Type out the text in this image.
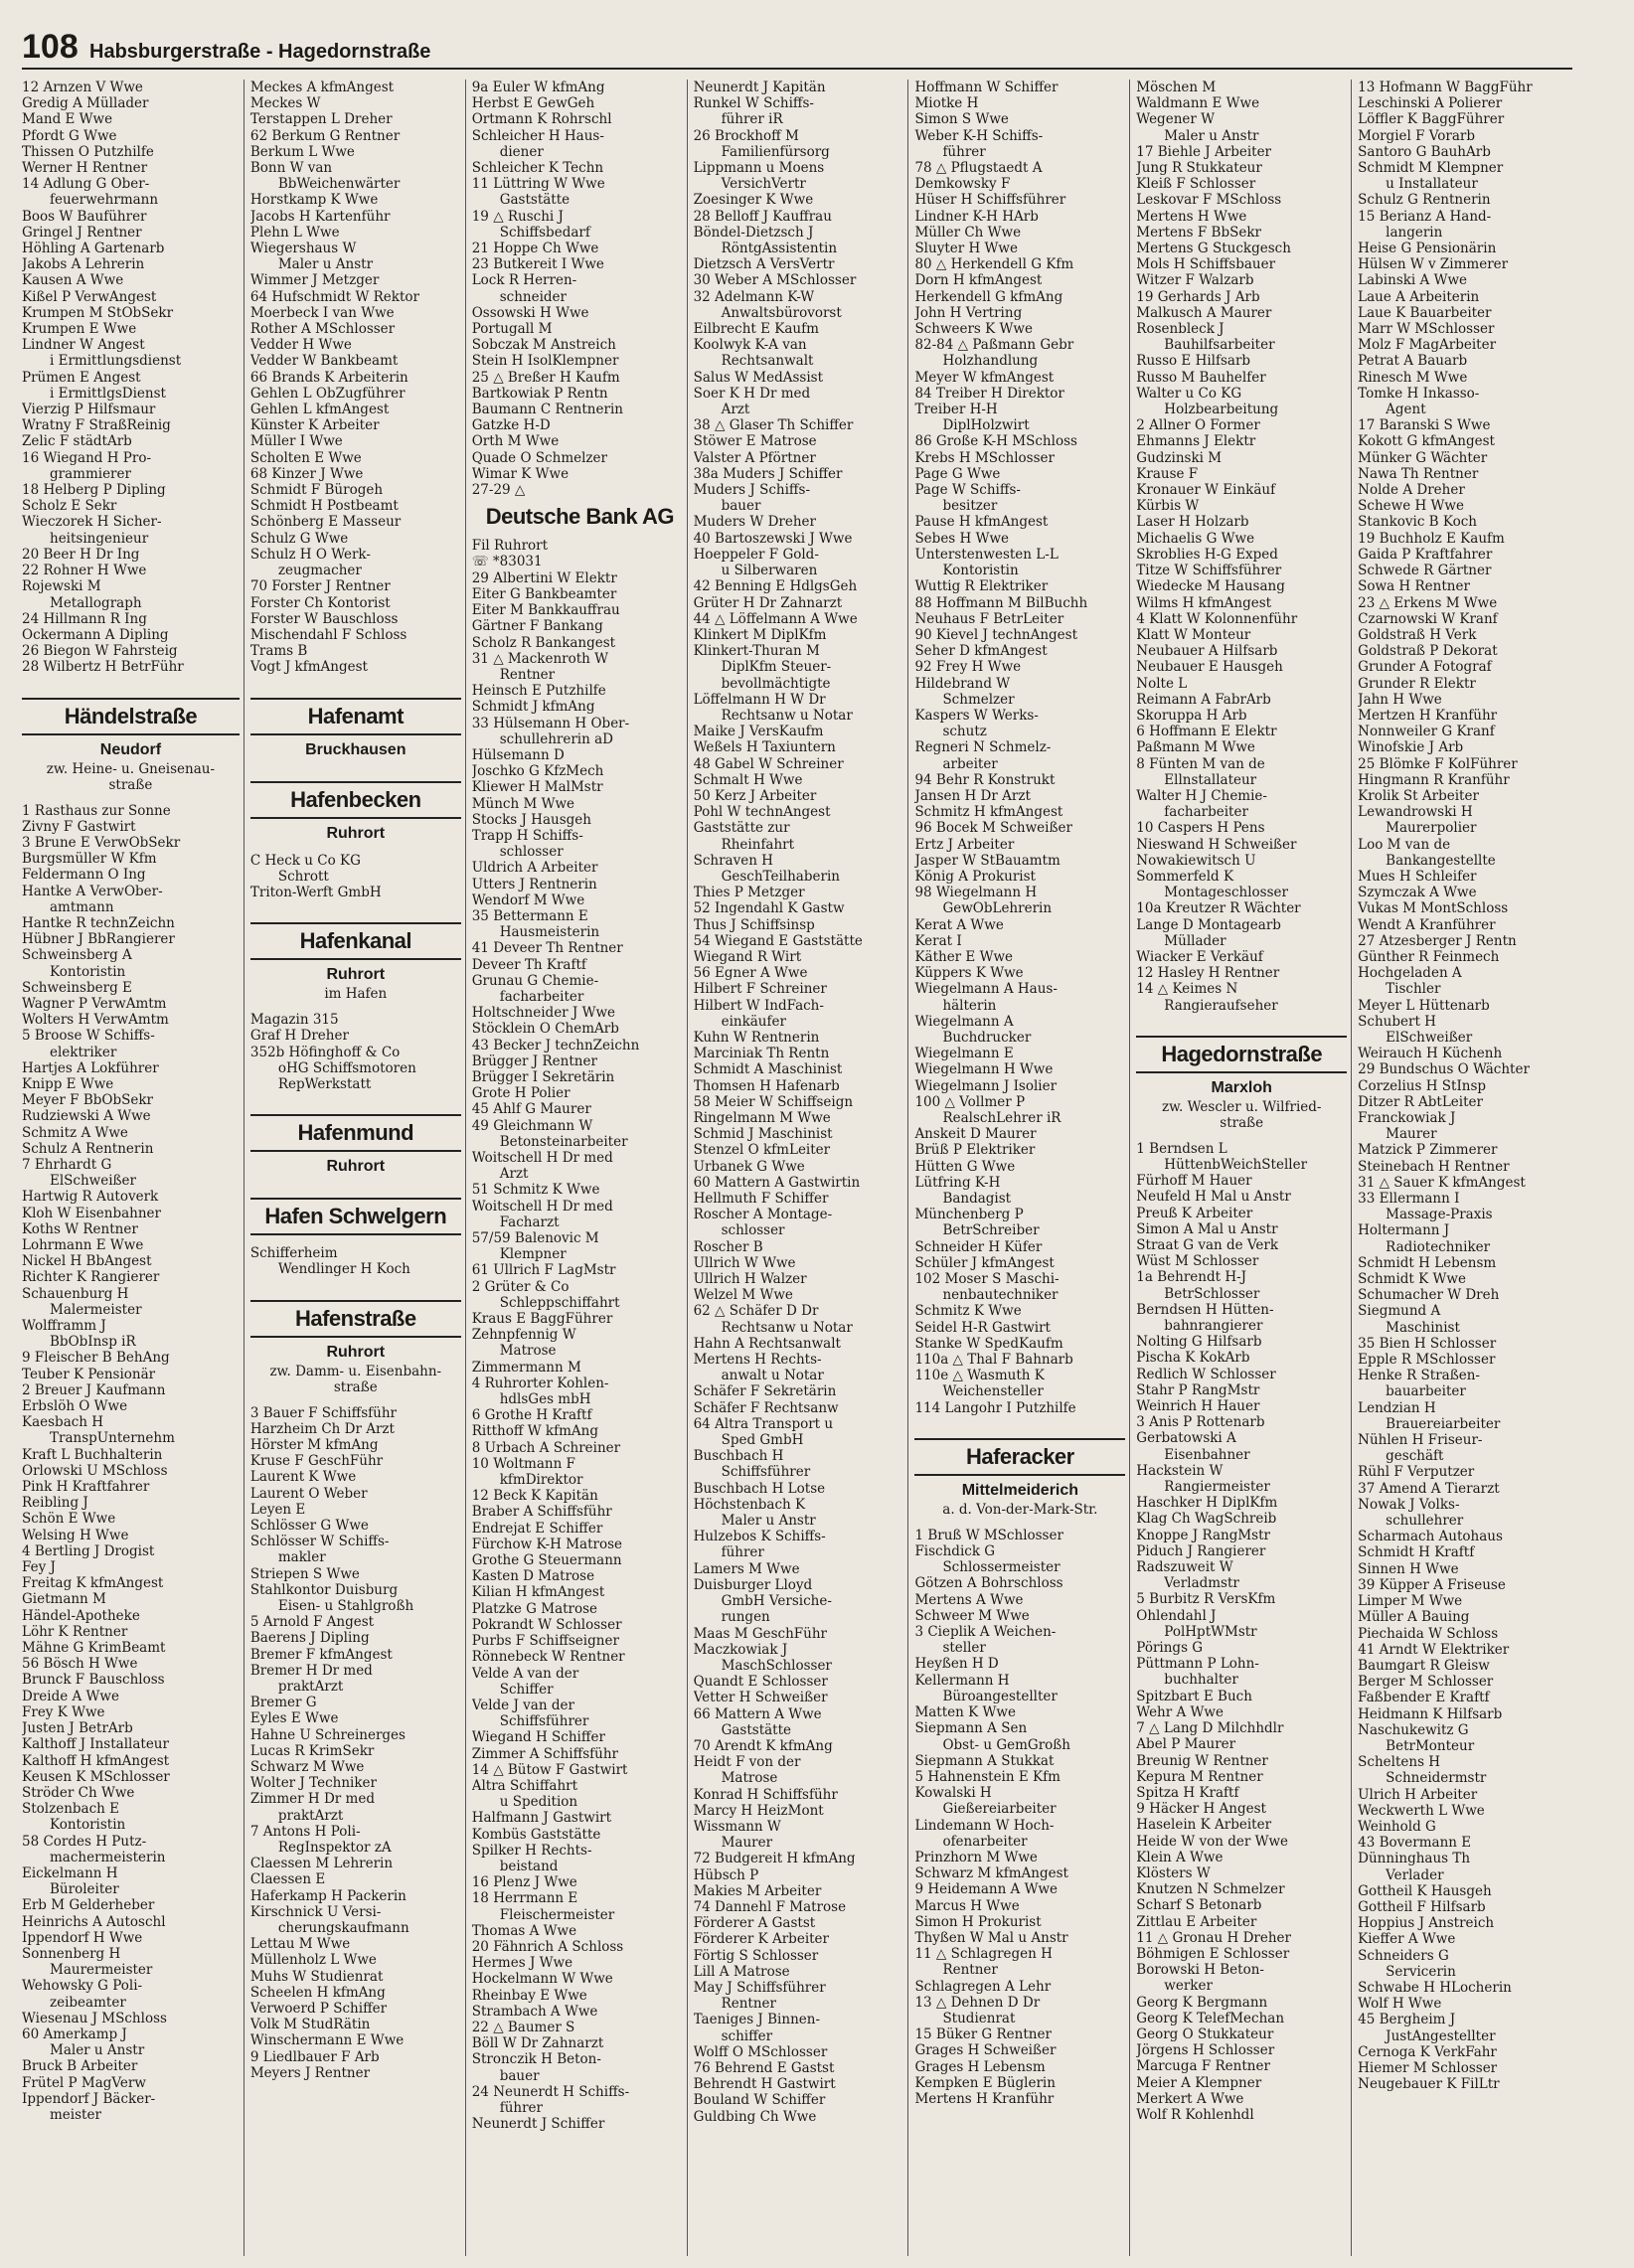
108 Habsburgerstraße - Hagedornstraße
12 Arnzen V Wwe
Gredig A Müllader
Mand E Wwe
Pfordt G Wwe
Thissen O Putzhilfe
Werner H Rentner
14 Adlung G Ober-
feuerwehrmann
Boos W Bauführer
Gringel J Rentner
Höhling A Gartenarb
Jakobs A Lehrerin
Kausen A Wwe
Kißel P VerwAngest
Krumpen M StObSekr
Krumpen E Wwe
Lindner W Angest
i Ermittlungsdienst
Prümen E Angest
i ErmittlgsDienst
Vierzig P Hilfsmaur
Wratny F StraßReinig
Zelic F städtArb
16 Wiegand H Pro-
grammierer
18 Helberg P Dipling
Scholz E Sekr
Wieczorek H Sicher-
heitsingenieur
20 Beer H Dr Ing
22 Rohner H Wwe
Rojewski M
Metallograph
24 Hillmann R Ing
Ockermann A Dipling
26 Biegon W Fahrsteig
28 Wilbertz H BetrFühr
Händelstraße
Neudorf
zw. Heine- u. Gneisenau-
straße
1 Rasthaus zur Sonne
Zivny F Gastwirt
3 Brune E VerwObSekr
Burgsmüller W Kfm
Feldermann O Ing
Hantke A VerwOber-
amtmann
Hantke R technZeichn
Hübner J BbRangierer
Schweinsberg A
Kontoristin
Schweinsberg E
Wagner P VerwAmtm
Wolters H VerwAmtm
5 Broose W Schiffs-
elektriker
Hartjes A Lokführer
Knipp E Wwe
Meyer F BbObSekr
Rudziewski A Wwe
Schmitz A Wwe
Schulz A Rentnerin
7 Ehrhardt G
ElSchweißer
Hartwig R Autoverk
Kloh W Eisenbahner
Koths W Rentner
Lohrmann E Wwe
Nickel H BbAngest
Richter K Rangierer
Schauenburg H
Malermeister
Wolfframm J
BbObInsp iR
9 Fleischer B BehAng
Teuber K Pensionär
2 Breuer J Kaufmann
Erbslöh O Wwe
Kaesbach H
TranspUnternehm
Kraft L Buchhalterin
Orlowski U MSchloss
Pink H Kraftfahrer
Reibling J
Schön E Wwe
Welsing H Wwe
4 Bertling J Drogist
Fey J
Freitag K kfmAngest
Gietmann M
Händel-Apotheke
Löhr K Rentner
Mähne G KrimBeamt
56 Bösch H Wwe
Brunck F Bauschloss
Dreide A Wwe
Frey K Wwe
Justen J BetrArb
Kalthoff J Installateur
Kalthoff H kfmAngest
Keusen K MSchlosser
Ströder Ch Wwe
Stolzenbach E
Kontoristin
58 Cordes H Putz-
machermeisterin
Eickelmann H
Büroleiter
Erb M Gelderheber
Heinrichs A Autoschl
Ippendorf H Wwe
Sonnenberg H
Maurermeister
Wehowsky G Poli-
zeibeamter
Wiesenau J MSchloss
60 Amerkamp J
Maler u Anstr
Bruck B Arbeiter
Frütel P MagVerw
Ippendorf J Bäcker-
meister
Meckes A kfmAngest
Meckes W
Terstappen L Dreher
62 Berkum G Rentner
Berkum L Wwe
Bonn W van
BbWeichenwärter
Horstkamp K Wwe
Jacobs H Kartenführ
Plehn L Wwe
Wiegershaus W
Maler u Anstr
Wimmer J Metzger
64 Hufschmidt W Rektor
Moerbeck I van Wwe
Rother A MSchlosser
Vedder H Wwe
Vedder W Bankbeamt
66 Brands K Arbeiterin
Gehlen L ObZugführer
Gehlen L kfmAngest
Künster K Arbeiter
Müller I Wwe
Scholten E Wwe
68 Kinzer J Wwe
Schmidt F Bürogeh
Schmidt H Postbeamt
Schönberg E Masseur
Schulz G Wwe
Schulz H O Werk-
zeugmacher
70 Forster J Rentner
Forster Ch Kontorist
Forster W Bauschloss
Mischendahl F Schloss
Trams B
Vogt J kfmAngest
Hafenamt
Bruckhausen
Hafenbecken
Ruhrort
C Heck u Co KG
Schrott
Triton-Werft GmbH
Hafenkanal
Ruhrort
im Hafen
Magazin 315
Graf H Dreher
352b Höfinghoff & Co
oHG Schiffsmotoren
RepWerkstatt
Hafenmund
Ruhrort
Hafen Schwelgern
Schifferheim
Wendlinger H Koch
Hafenstraße
Ruhrort
zw. Damm- u. Eisenbahn-
straße
3 Bauer F Schiffsführ
Harzheim Ch Dr Arzt
Hörster M kfmAng
Kruse F GeschFühr
Laurent K Wwe
Laurent O Weber
Leyen E
Schlösser G Wwe
Schlösser W Schiffs-
makler
Striepen S Wwe
Stahlkontor Duisburg
Eisen- u Stahlgroßh
5 Arnold F Angest
Baerens J Dipling
Bremer F kfmAngest
Bremer H Dr med
praktArzt
Bremer G
Eyles E Wwe
Hahne U Schreinerges
Lucas R KrimSekr
Schwarz M Wwe
Wolter J Techniker
Zimmer H Dr med
praktArzt
7 Antons H Poli-
RegInspektor zA
Claessen M Lehrerin
Claessen E
Haferkamp H Packerin
Kirschnick U Versi-
cherungskaufmann
Lettau M Wwe
Müllenholz L Wwe
Muhs W Studienrat
Scheelen H kfmAng
Verwoerd P Schiffer
Volk M StudRätin
Winschermann E Wwe
9 Liedlbauer F Arb
Meyers J Rentner
9a Euler W kfmAng
Herbst E GewGeh
Ortmann K Rohrschl
Schleicher H Haus-
diener
Schleicher K Techn
11 Lüttring W Wwe
Gaststätte
19 △ Ruschi J
Schiffsbedarf
21 Hoppe Ch Wwe
23 Butkereit I Wwe
Lock R Herren-
schneider
Ossowski H Wwe
Portugall M
Sobczak M Anstreich
Stein H IsolKlempner
25 △ Breßer H Kaufm
Bartkowiak P Rentn
Baumann C Rentnerin
Gatzke H-D
Orth M Wwe
Quade O Schmelzer
Wimar K Wwe
27-29 △
Deutsche Bank AG
Fil Ruhrort
☏ *83031
29 Albertini W Elektr
Eiter G Bankbeamter
Eiter M Bankkauffrau
Gärtner F Bankang
Scholz R Bankangest
31 △ Mackenroth W
Rentner
Heinsch E Putzhilfe
Schmidt J kfmAng
33 Hülsemann H Ober-
schullehrerin aD
Hülsemann D
Joschko G KfzMech
Kliewer H MalMstr
Münch M Wwe
Stocks J Hausgeh
Trapp H Schiffs-
schlosser
Uldrich A Arbeiter
Utters J Rentnerin
Wendorf M Wwe
35 Bettermann E
Hausmeisterin
41 Deveer Th Rentner
Deveer Th Kraftf
Grunau G Chemie-
facharbeiter
Holtschneider J Wwe
Stöcklein O ChemArb
43 Becker J technZeichn
Brügger J Rentner
Brügger I Sekretärin
Grote H Polier
45 Ahlf G Maurer
49 Gleichmann W
Betonsteinarbeiter
Woitschell H Dr med
Arzt
51 Schmitz K Wwe
Woitschell H Dr med
Facharzt
57/59 Balenovic M
Klempner
61 Ullrich F LagMstr
2 Grüter & Co
Schleppschiffahrt
Kraus E BaggFührer
Zehnpfennig W
Matrose
Zimmermann M
4 Ruhrorter Kohlen-
hdlsGes mbH
6 Grothe H Kraftf
Ritthoff W kfmAng
8 Urbach A Schreiner
10 Woltmann F
kfmDirektor
12 Beck K Kapitän
Braber A Schiffsführ
Endrejat E Schiffer
Fürchow K-H Matrose
Grothe G Steuermann
Kasten D Matrose
Kilian H kfmAngest
Platzke G Matrose
Pokrandt W Schlosser
Purbs F Schiffseigner
Rönnebeck W Rentner
Velde A van der
Schiffer
Velde J van der
Schiffsführer
Wiegand H Schiffer
Zimmer A Schiffsführ
14 △ Bütow F Gastwirt
Altra Schiffahrt
u Spedition
Halfmann J Gastwirt
Kombüs Gaststätte
Spilker H Rechts-
beistand
16 Plenz J Wwe
18 Herrmann E
Fleischermeister
Thomas A Wwe
20 Fähnrich A Schloss
Hermes J Wwe
Hockelmann W Wwe
Rheinbay E Wwe
Strambach A Wwe
22 △ Baumer S
Böll W Dr Zahnarzt
Stronczik H Beton-
bauer
24 Neunerdt H Schiffs-
führer
Neunerdt J Schiffer
Neunerdt J Kapitän
Runkel W Schiffs-
führer iR
26 Brockhoff M
Familienfürsorg
Lippmann u Moens
VersichVertr
Zoesinger K Wwe
28 Belloff J Kauffrau
Böndel-Dietzsch J
RöntgAssistentin
Dietzsch A VersVertr
30 Weber A MSchlosser
32 Adelmann K-W
Anwaltsbürovorst
Eilbrecht E Kaufm
Koolwyk K-A van
Rechtsanwalt
Salus W MedAssist
Soer K H Dr med
Arzt
38 △ Glaser Th Schiffer
Stöwer E Matrose
Valster A Pförtner
38a Muders J Schiffer
Muders J Schiffs-
bauer
Muders W Dreher
40 Bartoszewski J Wwe
Hoeppeler F Gold-
u Silberwaren
42 Benning E HdlgsGeh
Grüter H Dr Zahnarzt
44 △ Löffelmann A Wwe
Klinkert M DiplKfm
Klinkert-Thuran M
DiplKfm Steuer-
bevollmächtigte
Löffelmann H W Dr
Rechtsanw u Notar
Maike J VersKaufm
Weßels H Taxiuntern
48 Gabel W Schreiner
Schmalt H Wwe
50 Kerz J Arbeiter
Pohl W technAngest
Gaststätte zur
Rheinfahrt
Schraven H
GeschTeilhaberin
Thies P Metzger
52 Ingendahl K Gastw
Thus J Schiffsinsp
54 Wiegand E Gaststätte
Wiegand R Wirt
56 Egner A Wwe
Hilbert F Schreiner
Hilbert W IndFach-
einkäufer
Kuhn W Rentnerin
Marciniak Th Rentn
Schmidt A Maschinist
Thomsen H Hafenarb
58 Meier W Schiffseign
Ringelmann M Wwe
Schmid J Maschinist
Stenzel O kfmLeiter
Urbanek G Wwe
60 Mattern A Gastwirtin
Hellmuth F Schiffer
Roscher A Montage-
schlosser
Roscher B
Ullrich W Wwe
Ullrich H Walzer
Welzel M Wwe
62 △ Schäfer D Dr
Rechtsanw u Notar
Hahn A Rechtsanwalt
Mertens H Rechts-
anwalt u Notar
Schäfer F Sekretärin
Schäfer F Rechtsanw
64 Altra Transport u
Sped GmbH
Buschbach H
Schiffsführer
Buschbach H Lotse
Höchstenbach K
Maler u Anstr
Hulzebos K Schiffs-
führer
Lamers M Wwe
Duisburger Lloyd
GmbH Versiche-
rungen
Maas M GeschFühr
Maczkowiak J
MaschSchlosser
Quandt E Schlosser
Vetter H Schweißer
66 Mattern A Wwe
Gaststätte
70 Arendt K kfmAng
Heidt F von der
Matrose
Konrad H Schiffsführ
Marcy H HeizMont
Wissmann W
Maurer
72 Budgereit H kfmAng
Hübsch P
Makies M Arbeiter
74 Dannehl F Matrose
Förderer A Gastst
Förderer K Arbeiter
Förtig S Schlosser
Lill A Matrose
May J Schiffsführer
Rentner
Taeniges J Binnen-
schiffer
Wolff O MSchlosser
76 Behrend E Gastst
Behrendt H Gastwirt
Bouland W Schiffer
Guldbing Ch Wwe
Hoffmann W Schiffer
Miotke H
Simon S Wwe
Weber K-H Schiffs-
führer
78 △ Pflugstaedt A
Demkowsky F
Hüser H Schiffsführer
Lindner K-H HArb
Müller Ch Wwe
Sluyter H Wwe
80 △ Herkendell G Kfm
Dorn H kfmAngest
Herkendell G kfmAng
John H Vertring
Schweers K Wwe
82-84 △ Paßmann Gebr
Holzhandlung
Meyer W kfmAngest
84 Treiber H Direktor
Treiber H-H
DiplHolzwirt
86 Große K-H MSchloss
Krebs H MSchlosser
Page G Wwe
Page W Schiffs-
besitzer
Pause H kfmAngest
Sebes H Wwe
Unterstenwesten L-L
Kontoristin
Wuttig R Elektriker
88 Hoffmann M BilBuchh
Neuhaus F BetrLeiter
90 Kievel J technAngest
Seher D kfmAngest
92 Frey H Wwe
Hildebrand W
Schmelzer
Kaspers W Werks-
schutz
Regneri N Schmelz-
arbeiter
94 Behr R Konstrukt
Jansen H Dr Arzt
Schmitz H kfmAngest
96 Bocek M Schweißer
Ertz J Arbeiter
Jasper W StBauamtm
König A Prokurist
98 Wiegelmann H
GewObLehrerin
Kerat A Wwe
Kerat I
Käther E Wwe
Küppers K Wwe
Wiegelmann A Haus-
hälterin
Wiegelmann A
Buchdrucker
Wiegelmann E
Wiegelmann H Wwe
Wiegelmann J Isolier
100 △ Vollmer P
RealschLehrer iR
Anskeit D Maurer
Brüß P Elektriker
Hütten G Wwe
Lütfring K-H
Bandagist
Münchenberg P
BetrSchreiber
Schneider H Küfer
Schüler J kfmAngest
102 Moser S Maschi-
nenbautechniker
Schmitz K Wwe
Seidel H-R Gastwirt
Stanke W SpedKaufm
110a △ Thal F Bahnarb
110e △ Wasmuth K
Weichensteller
114 Langohr I Putzhilfe
Haferacker
Mittelmeiderich
a. d. Von-der-Mark-Str.
1 Bruß W MSchlosser
Fischdick G
Schlossermeister
Götzen A Bohrschloss
Mertens A Wwe
Schweer M Wwe
3 Cieplik A Weichen-
steller
Heyßen H D
Kellermann H
Büroangestellter
Matten K Wwe
Siepmann A Sen
Obst- u GemGroßh
Siepmann A Stukkat
5 Hahnenstein E Kfm
Kowalski H
Gießereiarbeiter
Lindemann W Hoch-
ofenarbeiter
Prinzhorn M Wwe
Schwarz M kfmAngest
9 Heidemann A Wwe
Marcus H Wwe
Simon H Prokurist
Thyßen W Mal u Anstr
11 △ Schlagregen H
Rentner
Schlagregen A Lehr
13 △ Dehnen D Dr
Studienrat
15 Büker G Rentner
Grages H Schweißer
Grages H Lebensm
Kempken E Büglerin
Mertens H Kranführ
Möschen M
Waldmann E Wwe
Wegener W
Maler u Anstr
17 Biehle J Arbeiter
Jung R Stukkateur
Kleiß F Schlosser
Leskovar F MSchloss
Mertens H Wwe
Mertens F BbSekr
Mertens G Stuckgesch
Mols H Schiffsbauer
Witzer F Walzarb
19 Gerhards J Arb
Malkusch A Maurer
Rosenbleck J
Bauhilfsarbeiter
Russo E Hilfsarb
Russo M Bauhelfer
Walter u Co KG
Holzbearbeitung
2 Allner O Former
Ehmanns J Elektr
Gudzinski M
Krause F
Kronauer W Einkäuf
Kürbis W
Laser H Holzarb
Michaelis G Wwe
Skroblies H-G Exped
Titze W Schiffsführer
Wiedecke M Hausang
Wilms H kfmAngest
4 Klatt W Kolonnenführ
Klatt W Monteur
Neubauer A Hilfsarb
Neubauer E Hausgeh
Nolte L
Reimann A FabrArb
Skoruppa H Arb
6 Hoffmann E Elektr
Paßmann M Wwe
8 Fünten M van de
Ellnstallateur
Walter H J Chemie-
facharbeiter
10 Caspers H Pens
Nieswand H Schweißer
Nowakiewitsch U
Sommerfeld K
Montageschlosser
10a Kreutzer R Wächter
Lange D Montagearb
Müllader
Wiacker E Verkäuf
12 Hasley H Rentner
14 △ Keimes N
Rangieraufseher
Hagedornstraße
Marxloh
zw. Wescler u. Wilfried-
straße
1 Berndsen L
HüttenbWeichSteller
Fürhoff M Hauer
Neufeld H Mal u Anstr
Preuß K Arbeiter
Simon A Mal u Anstr
Straat G van de Verk
Wüst M Schlosser
1a Behrendt H-J
BetrSchlosser
Berndsen H Hütten-
bahnrangierer
Nolting G Hilfsarb
Pischa K KokArb
Redlich W Schlosser
Stahr P RangMstr
Weinrich H Hauer
3 Anis P Rottenarb
Gerbatowski A
Eisenbahner
Hackstein W
Rangiermeister
Haschker H DiplKfm
Klag Ch WagSchreib
Knoppe J RangMstr
Piduch J Rangierer
Radszuweit W
Verladmstr
5 Burbitz R VersKfm
Ohlendahl J
PolHptWMstr
Pörings G
Püttmann P Lohn-
buchhalter
Spitzbart E Buch
Wehr A Wwe
7 △ Lang D Milchhdlr
Abel P Maurer
Breunig W Rentner
Kepura M Rentner
Spitza H Kraftf
9 Häcker H Angest
Haselein K Arbeiter
Heide W von der Wwe
Klein A Wwe
Klösters W
Knutzen N Schmelzer
Scharf S Betonarb
Zittlau E Arbeiter
11 △ Gronau H Dreher
Böhmigen E Schlosser
Borowski H Beton-
werker
Georg K Bergmann
Georg K TelefMechan
Georg O Stukkateur
Jörgens H Schlosser
Marcuga F Rentner
Meier A Klempner
Merkert A Wwe
Wolf R Kohlenhdl
13 Hofmann W BaggFühr
Leschinski A Polierer
Löffler K BaggFührer
Morgiel F Vorarb
Santoro G BauhArb
Schmidt M Klempner
u Installateur
Schulz G Rentnerin
15 Berianz A Hand-
langerin
Heise G Pensionärin
Hülsen W v Zimmerer
Labinski A Wwe
Laue A Arbeiterin
Laue K Bauarbeiter
Marr W MSchlosser
Molz F MagArbeiter
Petrat A Bauarb
Rinesch M Wwe
Tomke H Inkasso-
Agent
17 Baranski S Wwe
Kokott G kfmAngest
Münker G Wächter
Nawa Th Rentner
Nolde A Dreher
Schewe H Wwe
Stankovic B Koch
19 Buchholz E Kaufm
Gaida P Kraftfahrer
Schwede R Gärtner
Sowa H Rentner
23 △ Erkens M Wwe
Czarnowski W Kranf
Goldstraß H Verk
Goldstraß P Dekorat
Grunder A Fotograf
Grunder R Elektr
Jahn H Wwe
Mertzen H Kranführ
Nonnweiler G Kranf
Winofskie J Arb
25 Blömke F KolFührer
Hingmann R Kranführ
Krolik St Arbeiter
Lewandrowski H
Maurerpolier
Loo M van de
Bankangestellte
Mues H Schleifer
Szymczak A Wwe
Vukas M MontSchloss
Wendt A Kranführer
27 Atzesberger J Rentn
Günther R Feinmech
Hochgeladen A
Tischler
Meyer L Hüttenarb
Schubert H
ElSchweißer
Weirauch H Küchenh
29 Bundschus O Wächter
Corzelius H StInsp
Ditzer R AbtLeiter
Franckowiak J
Maurer
Matzick P Zimmerer
Steinebach H Rentner
31 △ Sauer K kfmAngest
33 Ellermann I
Massage-Praxis
Holtermann J
Radiotechniker
Schmidt H Lebensm
Schmidt K Wwe
Schumacher W Dreh
Siegmund A
Maschinist
35 Bien H Schlosser
Epple R MSchlosser
Henke R Straßen-
bauarbeiter
Lendzian H
Brauereiarbeiter
Nühlen H Friseur-
geschäft
Rühl F Verputzer
37 Amend A Tierarzt
Nowak J Volks-
schullehrer
Scharmach Autohaus
Schmidt H Kraftf
Sinnen H Wwe
39 Küpper A Friseuse
Limper M Wwe
Müller A Bauing
Piechaida W Schloss
41 Arndt W Elektriker
Baumgart R Gleisw
Berger M Schlosser
Faßbender E Kraftf
Heidmann K Hilfsarb
Naschukewitz G
BetrMonteur
Scheltens H
Schneidermstr
Ulrich H Arbeiter
Weckwerth L Wwe
Weinhold G
43 Bovermann E
Dünninghaus Th
Verlader
Gottheil K Hausgeh
Gottheil F Hilfsarb
Hoppius J Anstreich
Kieffer A Wwe
Schneiders G
Servicerin
Schwabe H HLocherin
Wolf H Wwe
45 Bergheim J
JustAngestellter
Cernoga K VerkFahr
Hiemer M Schlosser
Neugebauer K FilLtr
